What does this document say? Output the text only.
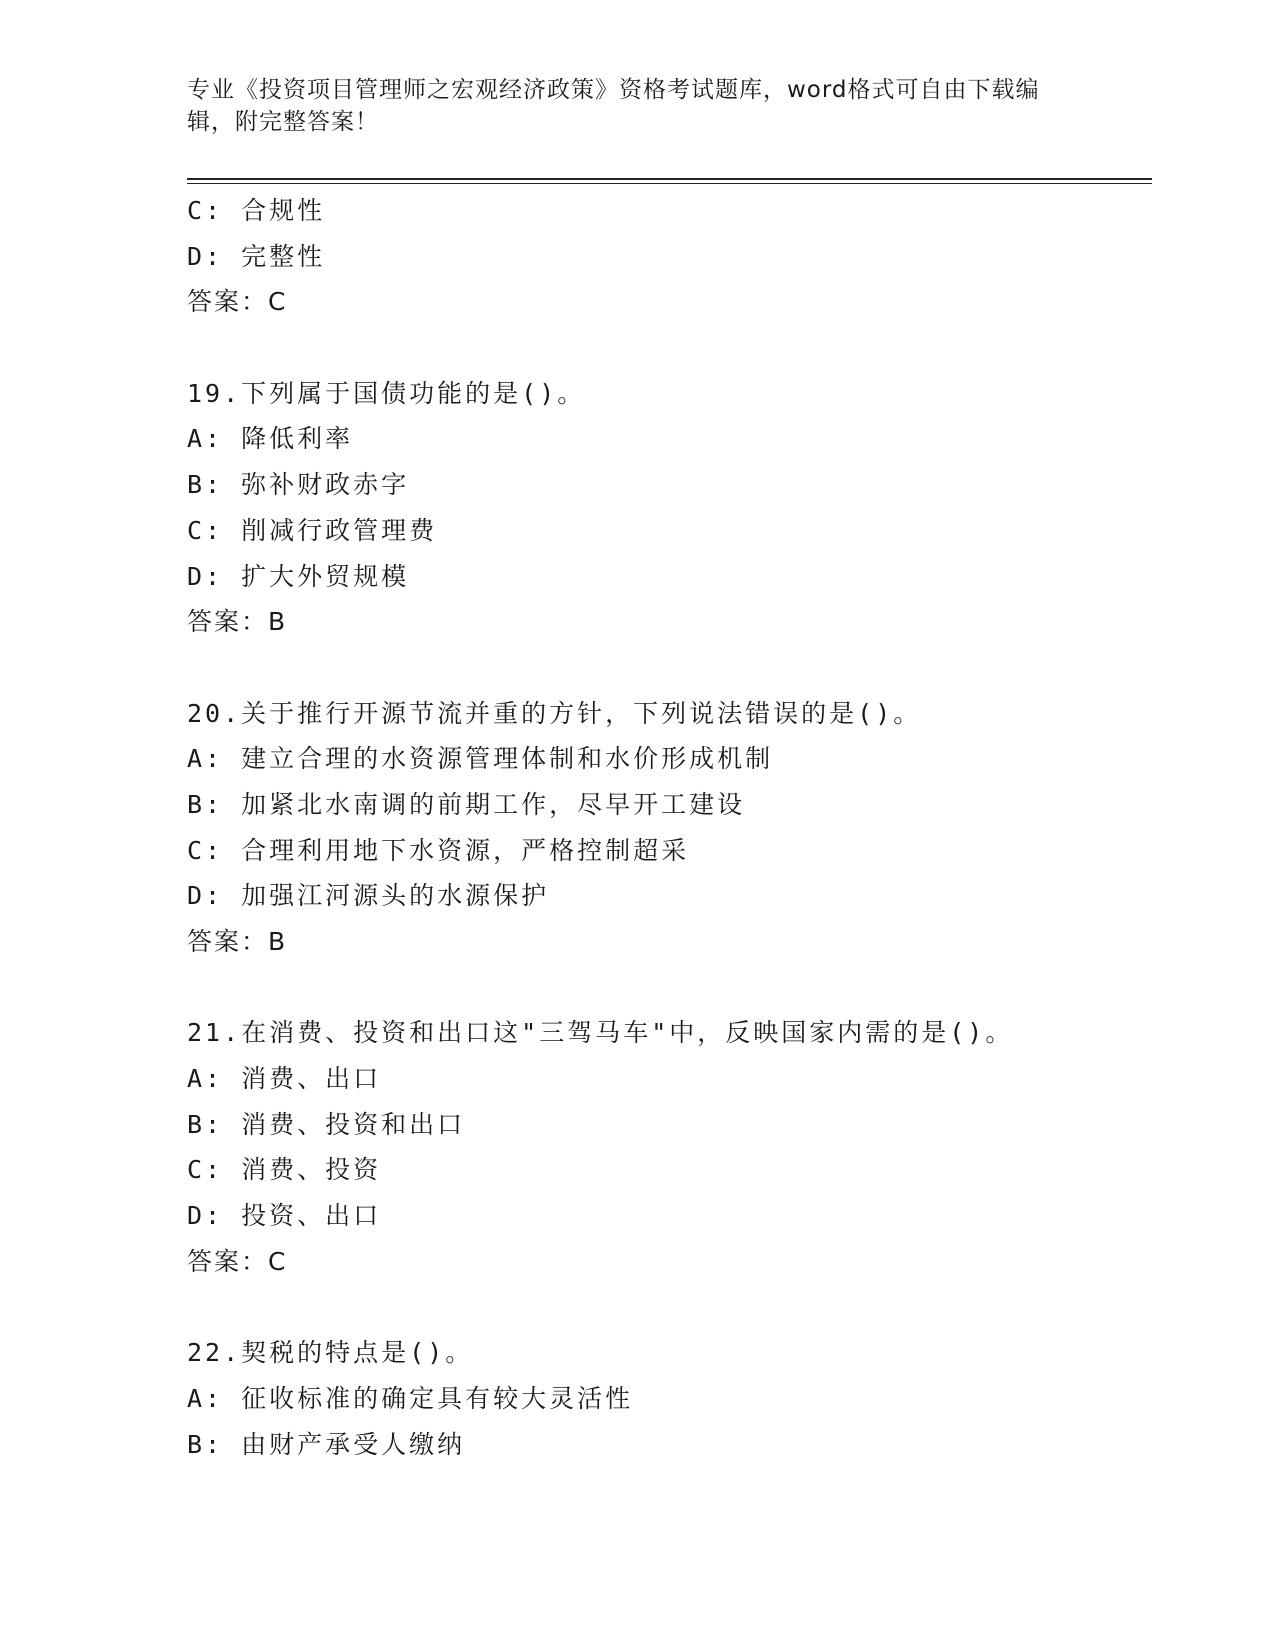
专业《投资项目管理师之宏观经济政策》资格考试题库，word格式可自由下载编辑，附完整答案！
C: 合规性
D: 完整性
答案：C
19.下列属于国债功能的是()。
A: 降低利率
B: 弥补财政赤字
C: 削减行政管理费
D: 扩大外贸规模
答案：B
20.关于推行开源节流并重的方针，下列说法错误的是()。
A: 建立合理的水资源管理体制和水价形成机制
B: 加紧北水南调的前期工作，尽早开工建设
C: 合理利用地下水资源，严格控制超采
D: 加强江河源头的水源保护
答案：B
21.在消费、投资和出口这"三驾马车"中，反映国家内需的是()。
A: 消费、出口
B: 消费、投资和出口
C: 消费、投资
D: 投资、出口
答案：C
22.契税的特点是()。
A: 征收标准的确定具有较大灵活性
B: 由财产承受人缴纳
